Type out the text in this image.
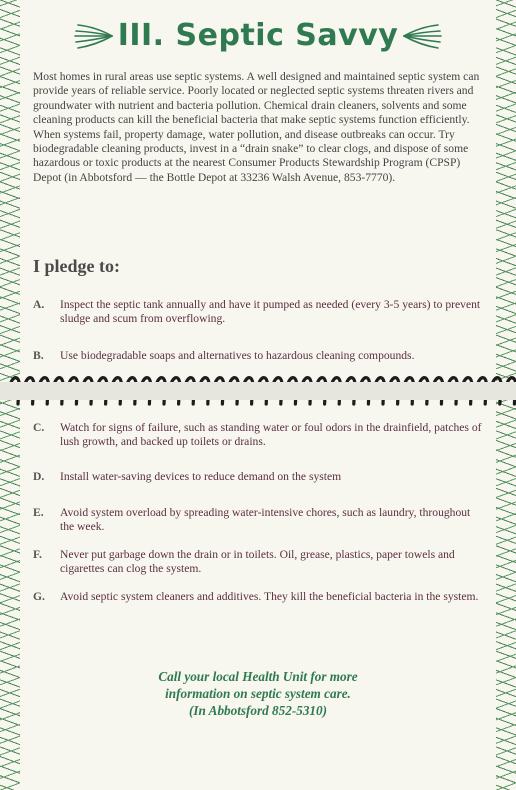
III. Septic Savvy
Most homes in rural areas use septic systems. A well designed and maintained septic system can provide years of reliable service. Poorly located or neglected septic systems threaten rivers and groundwater with nutrient and bacteria pollution. Chemical drain cleaners, solvents and some cleaning products can kill the beneficial bacteria that make septic systems function efficiently. When systems fail, property damage, water pollution, and disease outbreaks can occur. Try biodegradable cleaning products, invest in a “drain snake” to clear clogs, and dispose of some hazardous or toxic products at the nearest Consumer Products Stewardship Program (CPSP) Depot (in Abbotsford — the Bottle Depot at 33236 Walsh Avenue, 853-7770).
I pledge to:
A. Inspect the septic tank annually and have it pumped as needed (every 3-5 years) to prevent sludge and scum from overflowing.
B. Use biodegradable soaps and alternatives to hazardous cleaning compounds.
C. Watch for signs of failure, such as standing water or foul odors in the drainfield, patches of lush growth, and backed up toilets or drains.
D. Install water-saving devices to reduce demand on the system
E. Avoid system overload by spreading water-intensive chores, such as laundry, throughout the week.
F. Never put garbage down the drain or in toilets. Oil, grease, plastics, paper towels and cigarettes can clog the system.
G. Avoid septic system cleaners and additives. They kill the beneficial bacteria in the system.
Call your local Health Unit for more
information on septic system care.
(In Abbotsford 852-5310)
